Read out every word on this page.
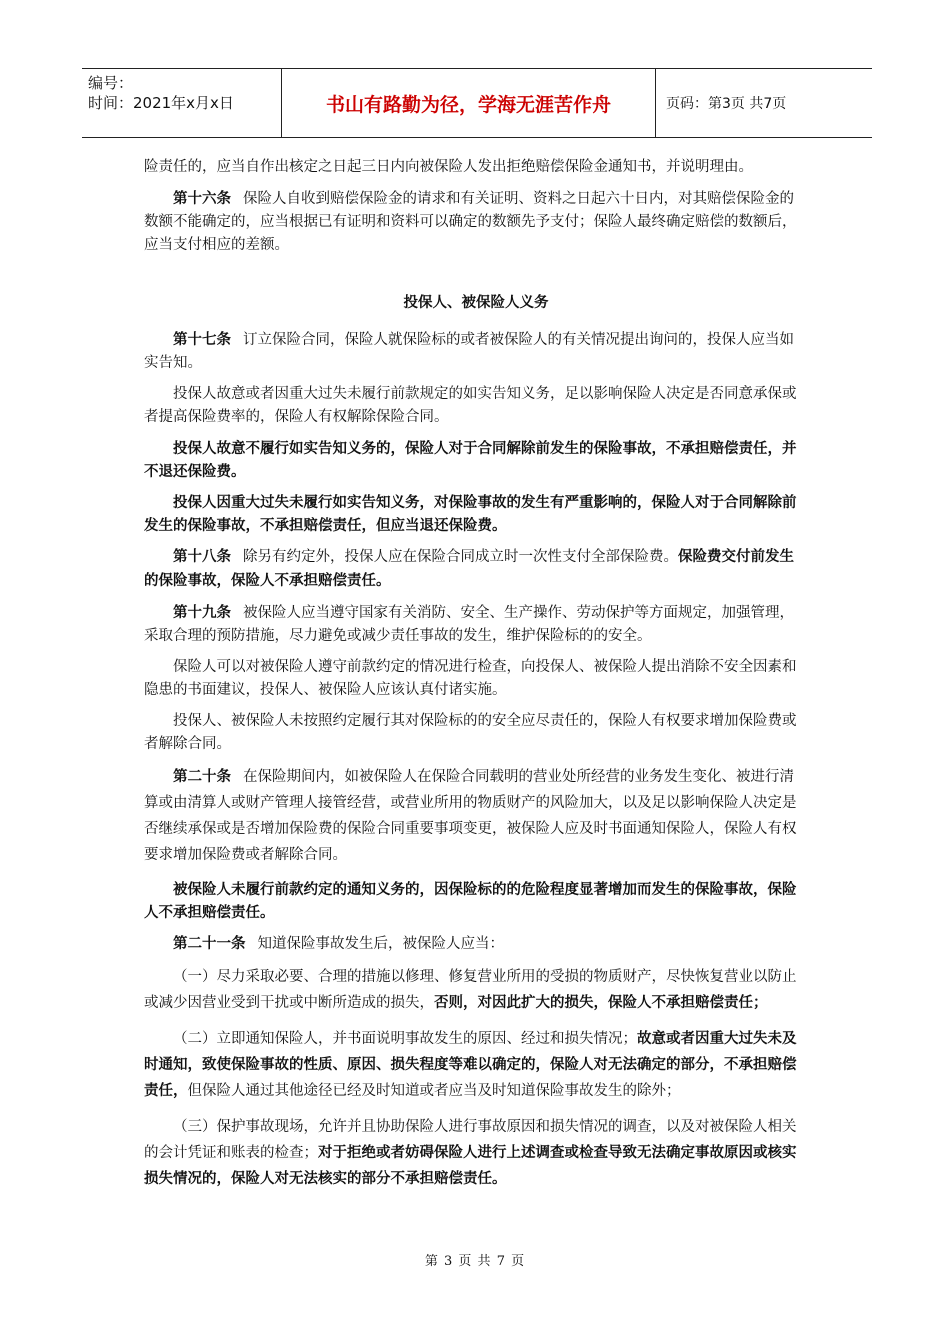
编号：
时间：2021年x月x日	书山有路勤为径，学海无涯苦作舟	页码：第3页 共7页

险责任的，应当自作出核定之日起三日内向被保险人发出拒绝赔偿保险金通知书，并说明理由。

第十六条 保险人自收到赔偿保险金的请求和有关证明、资料之日起六十日内，对其赔偿保险金的数额不能确定的，应当根据已有证明和资料可以确定的数额先予支付；保险人最终确定赔偿的数额后，应当支付相应的差额。

投保人、被保险人义务

第十七条 订立保险合同，保险人就保险标的或者被保险人的有关情况提出询问的，投保人应当如实告知。

投保人故意或者因重大过失未履行前款规定的如实告知义务，足以影响保险人决定是否同意承保或者提高保险费率的，保险人有权解除保险合同。

投保人故意不履行如实告知义务的，保险人对于合同解除前发生的保险事故，不承担赔偿责任，并不退还保险费。

投保人因重大过失未履行如实告知义务，对保险事故的发生有严重影响的，保险人对于合同解除前发生的保险事故，不承担赔偿责任，但应当退还保险费。

第十八条 除另有约定外，投保人应在保险合同成立时一次性支付全部保险费。保险费交付前发生的保险事故，保险人不承担赔偿责任。

第十九条 被保险人应当遵守国家有关消防、安全、生产操作、劳动保护等方面规定，加强管理，采取合理的预防措施，尽力避免或减少责任事故的发生，维护保险标的的安全。

保险人可以对被保险人遵守前款约定的情况进行检查，向投保人、被保险人提出消除不安全因素和隐患的书面建议，投保人、被保险人应该认真付诸实施。

投保人、被保险人未按照约定履行其对保险标的的安全应尽责任的，保险人有权要求增加保险费或者解除合同。

第二十条 在保险期间内，如被保险人在保险合同载明的营业处所经营的业务发生变化、被进行清算或由清算人或财产管理人接管经营，或营业所用的物质财产的风险加大，以及足以影响保险人决定是否继续承保或是否增加保险费的保险合同重要事项变更，被保险人应及时书面通知保险人，保险人有权要求增加保险费或者解除合同。

被保险人未履行前款约定的通知义务的，因保险标的的危险程度显著增加而发生的保险事故，保险人不承担赔偿责任。

第二十一条 知道保险事故发生后，被保险人应当：

（一）尽力采取必要、合理的措施以修理、修复营业所用的受损的物质财产，尽快恢复营业以防止或减少因营业受到干扰或中断所造成的损失，否则，对因此扩大的损失，保险人不承担赔偿责任；

（二）立即通知保险人，并书面说明事故发生的原因、经过和损失情况；故意或者因重大过失未及时通知，致使保险事故的性质、原因、损失程度等难以确定的，保险人对无法确定的部分，不承担赔偿责任，但保险人通过其他途径已经及时知道或者应当及时知道保险事故发生的除外；

（三）保护事故现场，允许并且协助保险人进行事故原因和损失情况的调查，以及对被保险人相关的会计凭证和账表的检查；对于拒绝或者妨碍保险人进行上述调查或检查导致无法确定事故原因或核实损失情况的，保险人对无法核实的部分不承担赔偿责任。

第 3 页 共 7 页
